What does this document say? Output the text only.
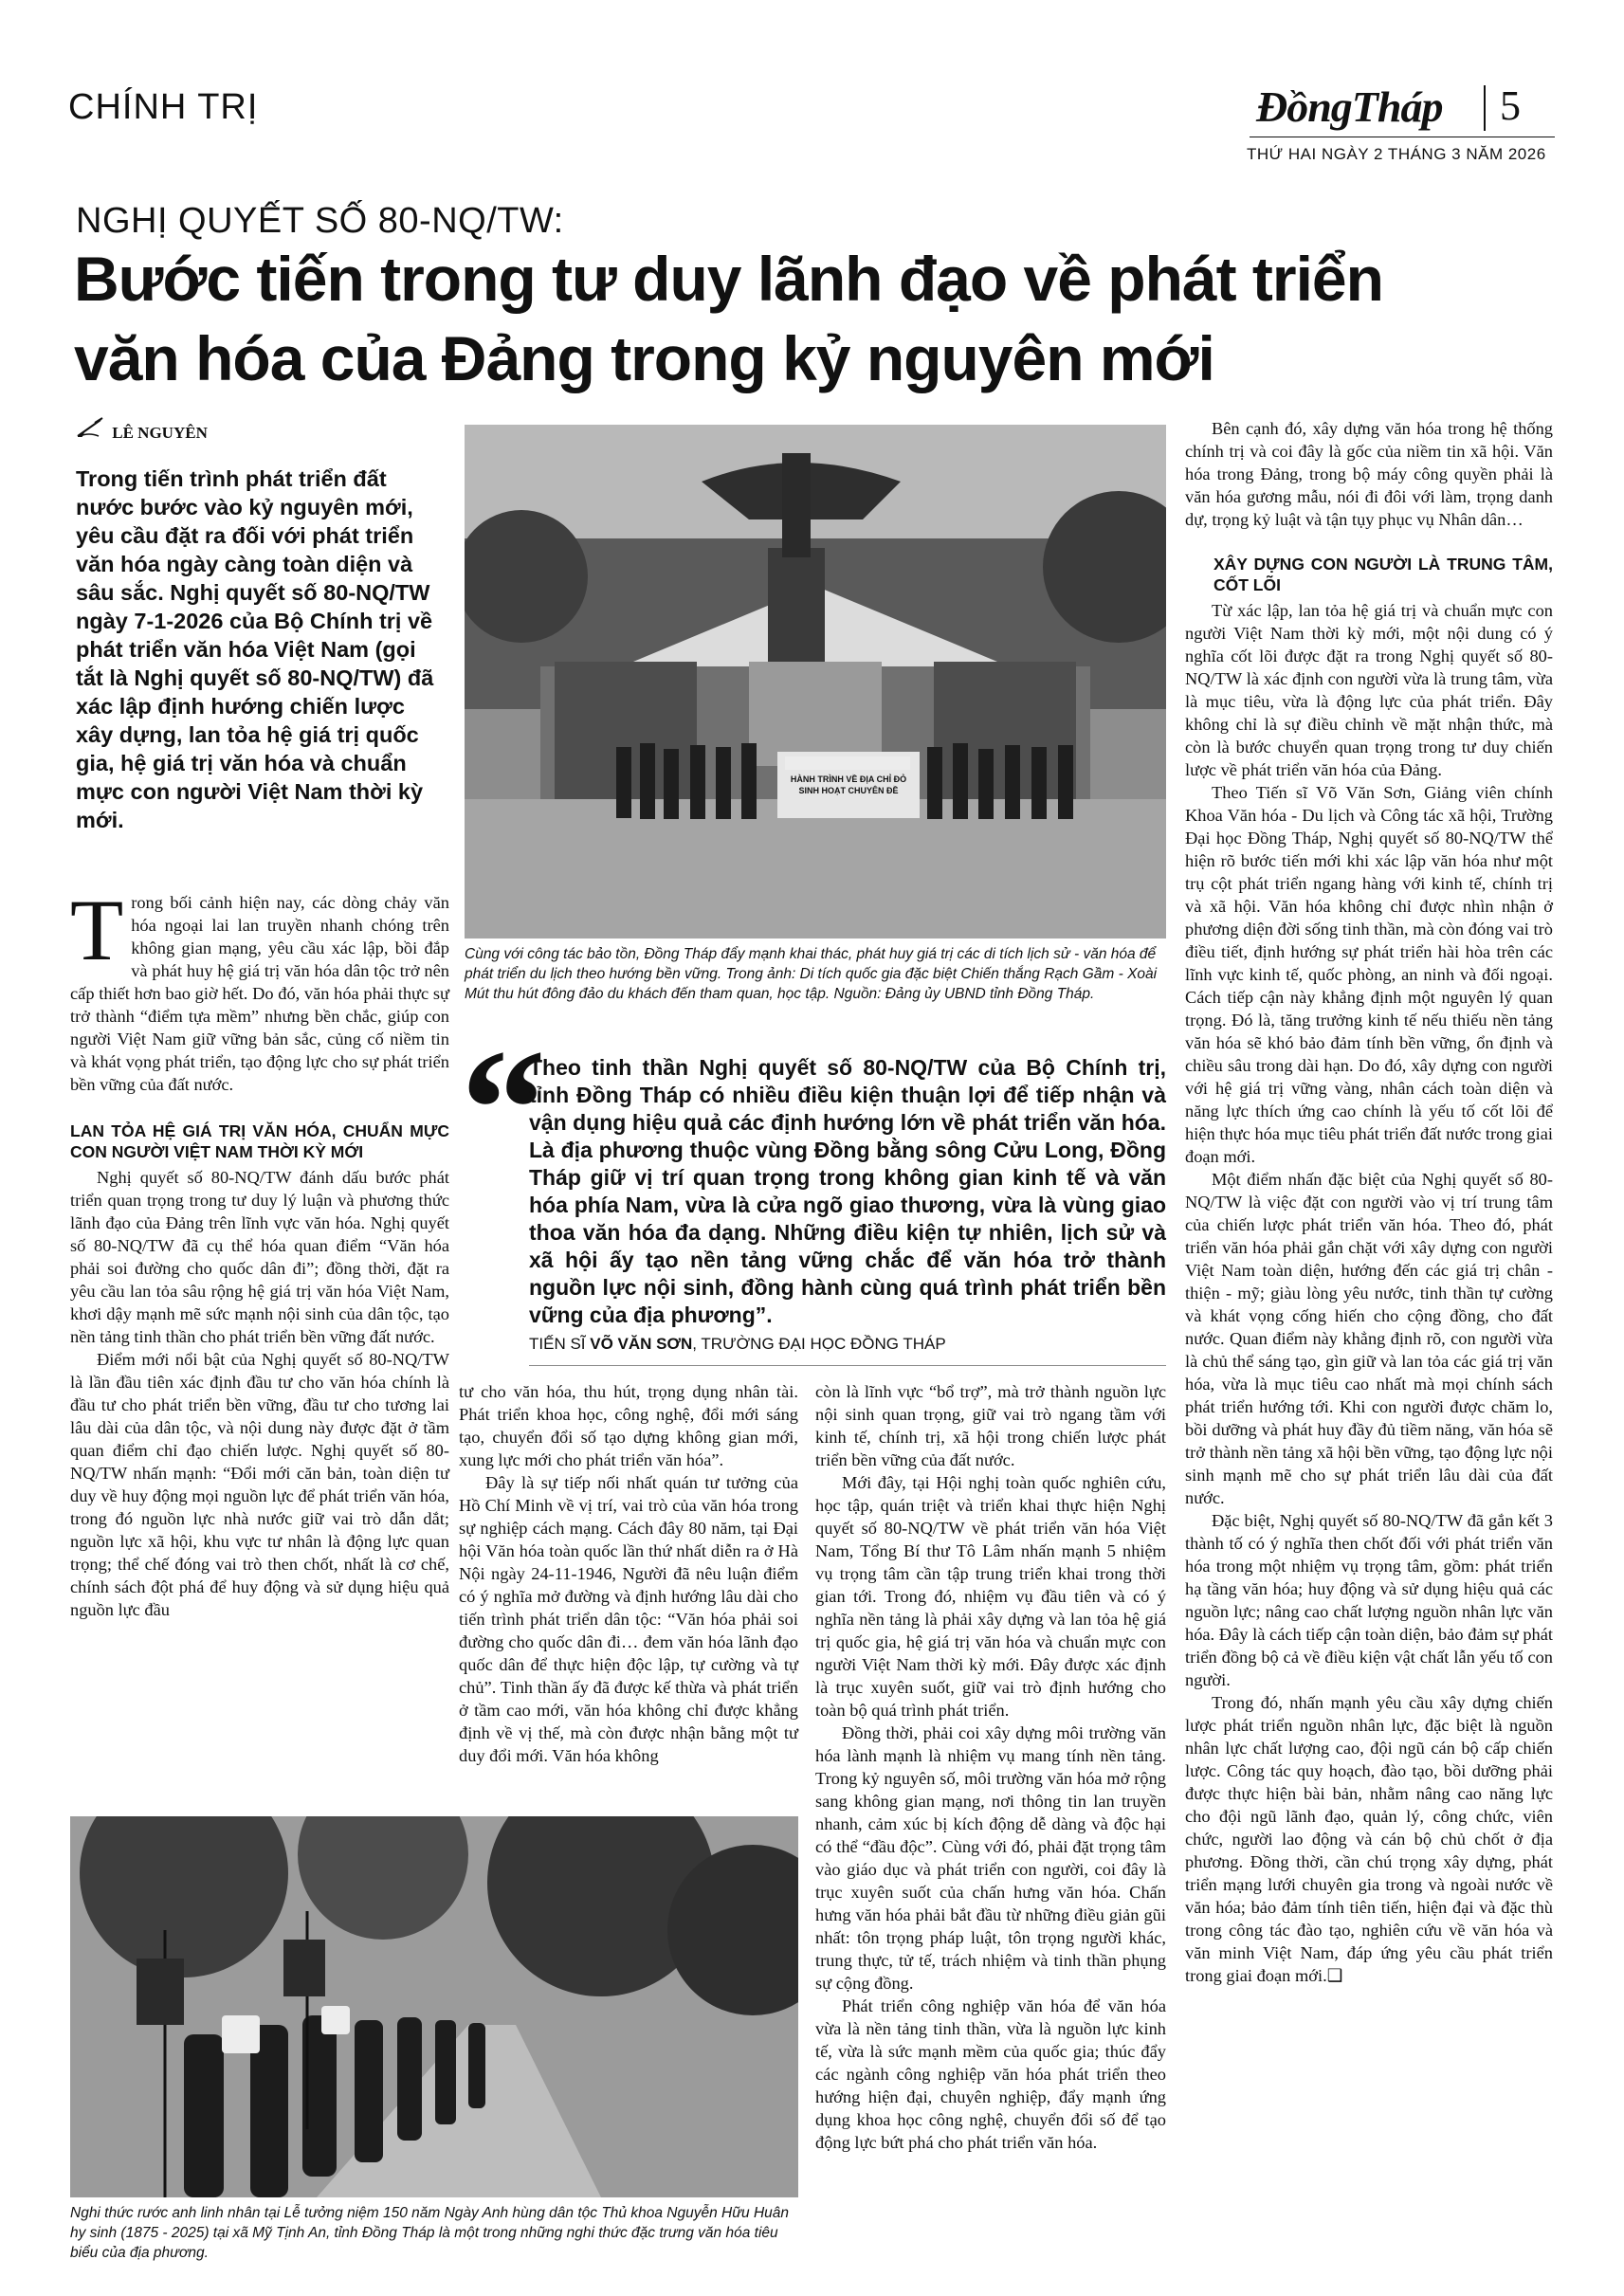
CHÍNH TRỊ	ĐồngTháp 5
THỨ HAI NGÀY 2 THÁNG 3 NĂM 2026
NGHỊ QUYẾT SỐ 80-NQ/TW:
Bước tiến trong tư duy lãnh đạo về phát triển
văn hóa của Đảng trong kỷ nguyên mới
LÊ NGUYÊN
Trong tiến trình phát triển đất nước bước vào kỷ nguyên mới, yêu cầu đặt ra đối với phát triển văn hóa ngày càng toàn diện và sâu sắc. Nghị quyết số 80-NQ/TW ngày 7-1-2026 của Bộ Chính trị về phát triển văn hóa Việt Nam (gọi tắt là Nghị quyết số 80-NQ/TW) đã xác lập định hướng chiến lược xây dựng, lan tỏa hệ giá trị quốc gia, hệ giá trị văn hóa và chuẩn mực con người Việt Nam thời kỳ mới.

T rong bối cảnh hiện nay, các dòng chảy văn hóa ngoại lai lan truyền nhanh chóng trên không gian mạng, yêu cầu xác lập, bồi đắp và phát huy hệ giá trị văn hóa dân tộc trở nên cấp thiết hơn bao giờ hết. Do đó, văn hóa phải thực sự trở thành “điểm tựa mềm” nhưng bền chắc, giúp con người Việt Nam giữ vững bản sắc, củng cố niềm tin và khát vọng phát triển, tạo động lực cho sự phát triển bền vững của đất nước.

LAN TỎA HỆ GIÁ TRỊ VĂN HÓA, CHUẨN MỰC CON NGƯỜI VIỆT NAM THỜI KỲ MỚI

Nghị quyết số 80-NQ/TW đánh dấu bước phát triển quan trọng trong tư duy lý luận và phương thức lãnh đạo của Đảng trên lĩnh vực văn hóa. Nghị quyết số 80-NQ/TW đã cụ thể hóa quan điểm “Văn hóa phải soi đường cho quốc dân đi”; đồng thời, đặt ra yêu cầu lan tỏa sâu rộng hệ giá trị văn hóa Việt Nam, khơi dậy mạnh mẽ sức mạnh nội sinh của dân tộc, tạo nền tảng tinh thần cho phát triển bền vững đất nước.

Điểm mới nổi bật của Nghị quyết số 80-NQ/TW là lần đầu tiên xác định đầu tư cho văn hóa chính là đầu tư cho phát triển bền vững, đầu tư cho tương lai lâu dài của dân tộc, và nội dung này được đặt ở tầm quan điểm chỉ đạo chiến lược. Nghị quyết số 80-NQ/TW nhấn mạnh: “Đổi mới căn bản, toàn diện tư duy về huy động mọi nguồn lực để phát triển văn hóa, trong đó nguồn lực nhà nước giữ vai trò dẫn dắt; nguồn lực xã hội, khu vực tư nhân là động lực quan trọng; thể chế đóng vai trò then chốt, nhất là cơ chế, chính sách đột phá để huy động và sử dụng hiệu quả nguồn lực đầu

HÀNH TRÌNH VỀ ĐỊA CHỈ ĐỎ
SINH HOẠT CHUYÊN ĐỀ
Cùng với công tác bảo tồn, Đồng Tháp đẩy mạnh khai thác, phát huy giá trị các di tích lịch sử - văn hóa để phát triển du lịch theo hướng bền vững. Trong ảnh: Di tích quốc gia đặc biệt Chiến thắng Rạch Gầm - Xoài Mút thu hút đông đảo du khách đến tham quan, học tập. Nguồn: Đảng ủy UBND tỉnh Đồng Tháp.
“
Theo tinh thần Nghị quyết số 80-NQ/TW của Bộ Chính trị, tỉnh Đồng Tháp có nhiều điều kiện thuận lợi để tiếp nhận và vận dụng hiệu quả các định hướng lớn về phát triển văn hóa. Là địa phương thuộc vùng Đồng bằng sông Cửu Long, Đồng Tháp giữ vị trí quan trọng trong không gian kinh tế và văn hóa phía Nam, vừa là cửa ngõ giao thương, vừa là vùng giao thoa văn hóa đa dạng. Những điều kiện tự nhiên, lịch sử và xã hội ấy tạo nền tảng vững chắc để văn hóa trở thành nguồn lực nội sinh, đồng hành cùng quá trình phát triển bền vững của địa phương”.
TIẾN SĨ VÕ VĂN SƠN, TRƯỜNG ĐẠI HỌC ĐỒNG THÁP

tư cho văn hóa, thu hút, trọng dụng nhân tài. Phát triển khoa học, công nghệ, đổi mới sáng tạo, chuyển đổi số tạo dựng không gian mới, xung lực mới cho phát triển văn hóa”.

Đây là sự tiếp nối nhất quán tư tưởng của Hồ Chí Minh về vị trí, vai trò của văn hóa trong sự nghiệp cách mạng. Cách đây 80 năm, tại Đại hội Văn hóa toàn quốc lần thứ nhất diễn ra ở Hà Nội ngày 24-11-1946, Người đã nêu luận điểm có ý nghĩa mở đường và định hướng lâu dài cho tiến trình phát triển dân tộc: “Văn hóa phải soi đường cho quốc dân đi… đem văn hóa lãnh đạo quốc dân để thực hiện độc lập, tự cường và tự chủ”. Tinh thần ấy đã được kế thừa và phát triển ở tầm cao mới, văn hóa không chỉ được khẳng định về vị thế, mà còn được nhận bằng một tư duy đổi mới. Văn hóa không

còn là lĩnh vực “bổ trợ”, mà trở thành nguồn lực nội sinh quan trọng, giữ vai trò ngang tầm với kinh tế, chính trị, xã hội trong chiến lược phát triển bền vững của đất nước.

Mới đây, tại Hội nghị toàn quốc nghiên cứu, học tập, quán triệt và triển khai thực hiện Nghị quyết số 80-NQ/TW về phát triển văn hóa Việt Nam, Tổng Bí thư Tô Lâm nhấn mạnh 5 nhiệm vụ trọng tâm cần tập trung triển khai trong thời gian tới. Trong đó, nhiệm vụ đầu tiên và có ý nghĩa nền tảng là phải xây dựng và lan tỏa hệ giá trị quốc gia, hệ giá trị văn hóa và chuẩn mực con người Việt Nam thời kỳ mới. Đây được xác định là trục xuyên suốt, giữ vai trò định hướng cho toàn bộ quá trình phát triển.

Đồng thời, phải coi xây dựng môi trường văn hóa lành mạnh là nhiệm vụ mang tính nền tảng. Trong kỷ nguyên số, môi trường văn hóa mở rộng sang không gian mạng, nơi thông tin lan truyền nhanh, cảm xúc bị kích động dễ dàng và độc hại có thể “đầu độc”. Cùng với đó, phải đặt trọng tâm vào giáo dục và phát triển con người, coi đây là trục xuyên suốt của chấn hưng văn hóa. Chấn hưng văn hóa phải bắt đầu từ những điều giản gũi nhất: tôn trọng pháp luật, tôn trọng người khác, trung thực, tử tế, trách nhiệm và tinh thần phụng sự cộng đồng.

Phát triển công nghiệp văn hóa để văn hóa vừa là nền tảng tinh thần, vừa là nguồn lực kinh tế, vừa là sức mạnh mềm của quốc gia; thúc đẩy các ngành công nghiệp văn hóa phát triển theo hướng hiện đại, chuyên nghiệp, đẩy mạnh ứng dụng khoa học công nghệ, chuyển đổi số để tạo động lực bứt phá cho phát triển văn hóa.

Nghi thức rước anh linh nhân tại Lễ tưởng niệm 150 năm Ngày Anh hùng dân tộc Thủ khoa Nguyễn Hữu Huân hy sinh (1875 - 2025) tại xã Mỹ Tịnh An, tỉnh Đồng Tháp là một trong những nghi thức đặc trưng văn hóa tiêu biểu của địa phương.

Bên cạnh đó, xây dựng văn hóa trong hệ thống chính trị và coi đây là gốc của niềm tin xã hội. Văn hóa trong Đảng, trong bộ máy công quyền phải là văn hóa gương mẫu, nói đi đôi với làm, trọng danh dự, trọng kỷ luật và tận tụy phục vụ Nhân dân…

XÂY DỰNG CON NGƯỜI LÀ TRUNG TÂM, CỐT LÕI

Từ xác lập, lan tỏa hệ giá trị và chuẩn mực con người Việt Nam thời kỳ mới, một nội dung có ý nghĩa cốt lõi được đặt ra trong Nghị quyết số 80-NQ/TW là xác định con người vừa là trung tâm, vừa là mục tiêu, vừa là động lực của phát triển. Đây không chỉ là sự điều chỉnh về mặt nhận thức, mà còn là bước chuyển quan trọng trong tư duy chiến lược về phát triển văn hóa của Đảng.

Theo Tiến sĩ Võ Văn Sơn, Giảng viên chính Khoa Văn hóa - Du lịch và Công tác xã hội, Trường Đại học Đồng Tháp, Nghị quyết số 80-NQ/TW thể hiện rõ bước tiến mới khi xác lập văn hóa như một trụ cột phát triển ngang hàng với kinh tế, chính trị và xã hội. Văn hóa không chỉ được nhìn nhận ở phương diện đời sống tinh thần, mà còn đóng vai trò điều tiết, định hướng sự phát triển hài hòa trên các lĩnh vực kinh tế, quốc phòng, an ninh và đối ngoại. Cách tiếp cận này khẳng định một nguyên lý quan trọng. Đó là, tăng trưởng kinh tế nếu thiếu nền tảng văn hóa sẽ khó bảo đảm tính bền vững, ổn định và chiều sâu trong dài hạn. Do đó, xây dựng con người với hệ giá trị vững vàng, nhân cách toàn diện và năng lực thích ứng cao chính là yếu tố cốt lõi để hiện thực hóa mục tiêu phát triển đất nước trong giai đoạn mới.

Một điểm nhấn đặc biệt của Nghị quyết số 80-NQ/TW là việc đặt con người vào vị trí trung tâm của chiến lược phát triển văn hóa. Theo đó, phát triển văn hóa phải gắn chặt với xây dựng con người Việt Nam toàn diện, hướng đến các giá trị chân - thiện - mỹ; giàu lòng yêu nước, tinh thần tự cường và khát vọng cống hiến cho cộng đồng, cho đất nước. Quan điểm này khẳng định rõ, con người vừa là chủ thể sáng tạo, gìn giữ và lan tỏa các giá trị văn hóa, vừa là mục tiêu cao nhất mà mọi chính sách phát triển hướng tới. Khi con người được chăm lo, bồi dưỡng và phát huy đầy đủ tiềm năng, văn hóa sẽ trở thành nền tảng xã hội bền vững, tạo động lực nội sinh mạnh mẽ cho sự phát triển lâu dài của đất nước.

Đặc biệt, Nghị quyết số 80-NQ/TW đã gắn kết 3 thành tố có ý nghĩa then chốt đối với phát triển văn hóa trong một nhiệm vụ trọng tâm, gồm: phát triển hạ tầng văn hóa; huy động và sử dụng hiệu quả các nguồn lực; nâng cao chất lượng nguồn nhân lực văn hóa. Đây là cách tiếp cận toàn diện, bảo đảm sự phát triển đồng bộ cả về điều kiện vật chất lẫn yếu tố con người.

Trong đó, nhấn mạnh yêu cầu xây dựng chiến lược phát triển nguồn nhân lực, đặc biệt là nguồn nhân lực chất lượng cao, đội ngũ cán bộ cấp chiến lược. Công tác quy hoạch, đào tạo, bồi dưỡng phải được thực hiện bài bản, nhằm nâng cao năng lực cho đội ngũ lãnh đạo, quản lý, công chức, viên chức, người lao động và cán bộ chủ chốt ở địa phương. Đồng thời, cần chú trọng xây dựng, phát triển mạng lưới chuyên gia trong và ngoài nước về văn hóa; bảo đảm tính tiên tiến, hiện đại và đặc thù trong công tác đào tạo, nghiên cứu về văn hóa và văn minh Việt Nam, đáp ứng yêu cầu phát triển trong giai đoạn mới.❑
